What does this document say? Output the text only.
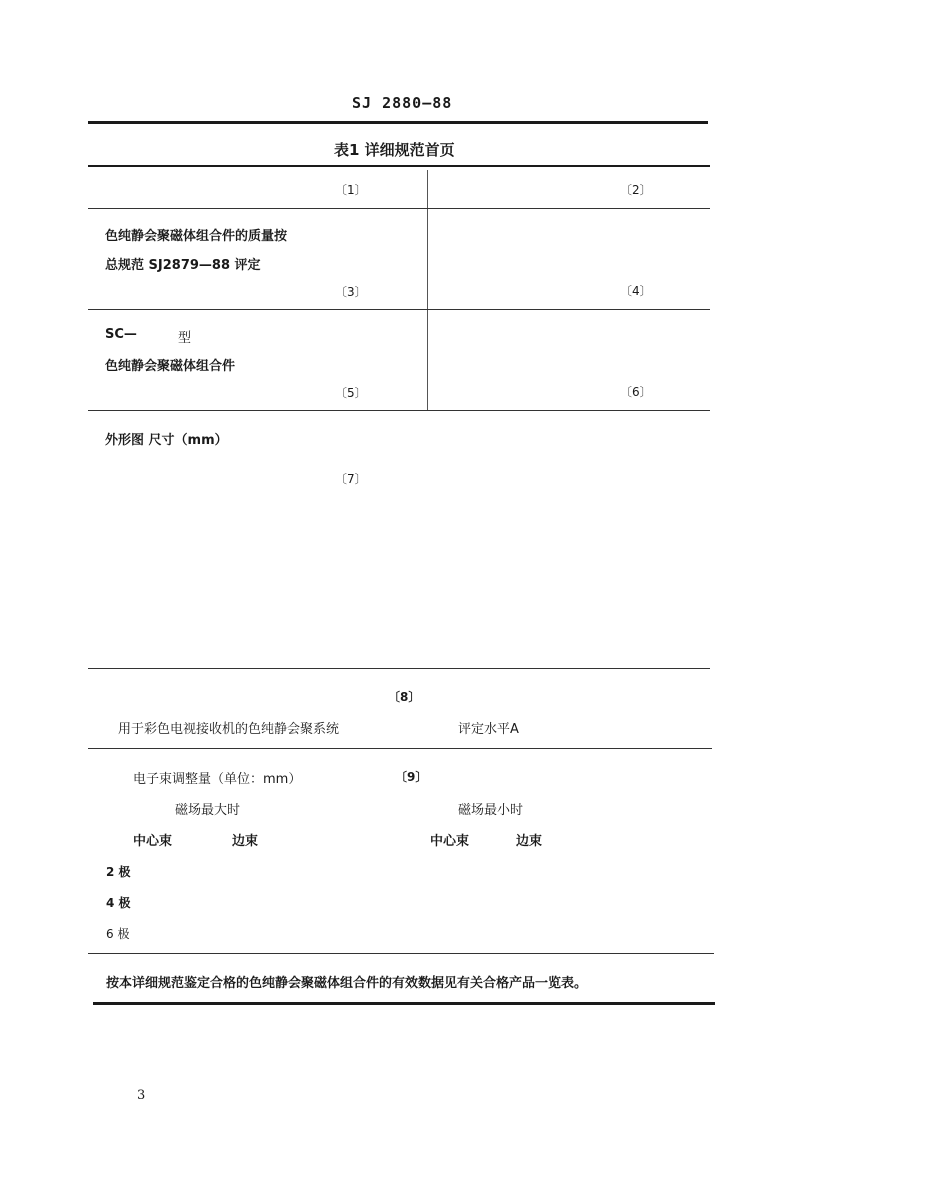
SJ 2880—88
表1 详细规范首页
〔1〕	〔2〕
色纯静会聚磁体组合件的质量按
总规范 SJ2879—88 评定
〔3〕	〔4〕
SC—	型
色纯静会聚磁体组合件
〔5〕	〔6〕
外形图 尺寸（mm）
〔7〕
〔8〕
用于彩色电视接收机的色纯静会聚系统	评定水平A
电子束调整量（单位：mm）	〔9〕
磁场最大时	磁场最小时
中心束	边束	中心束	边束
2 极
4 极
6 极
按本详细规范鉴定合格的色纯静会聚磁体组合件的有效数据见有关合格产品一览表。
3
